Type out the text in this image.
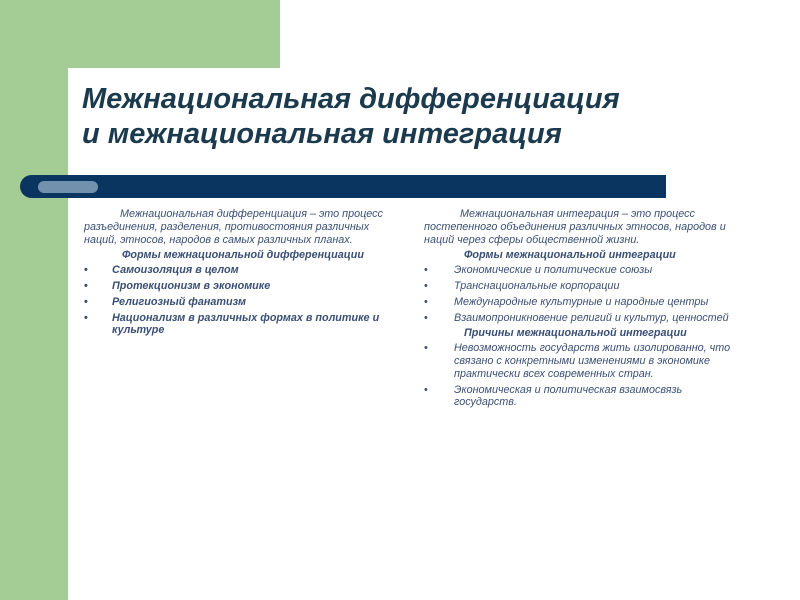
Межнациональная дифференциация
и межнациональная интеграция

Межнациональная дифференциация – это процесс разъединения, разделения, противостояния различных наций, этносов, народов в самых различных планах.

Формы межнациональной дифференциации

• Самоизоляция в целом
• Протекционизм в экономике
• Религиозный фанатизм
• Национализм в различных формах в политике и культуре

Межнациональная интеграция – это процесс постепенного объединения различных этносов, народов и наций через сферы общественной жизни.

Формы межнациональной интеграции

• Экономические и политические союзы
• Транснациональные корпорации
• Международные культурные и народные центры
• Взаимопроникновение религий и культур, ценностей

Причины межнациональной интеграции

• Невозможность государств жить изолированно, что связано с конкретными изменениями в экономике практически всех современных стран.
• Экономическая и политическая взаимосвязь государств.
